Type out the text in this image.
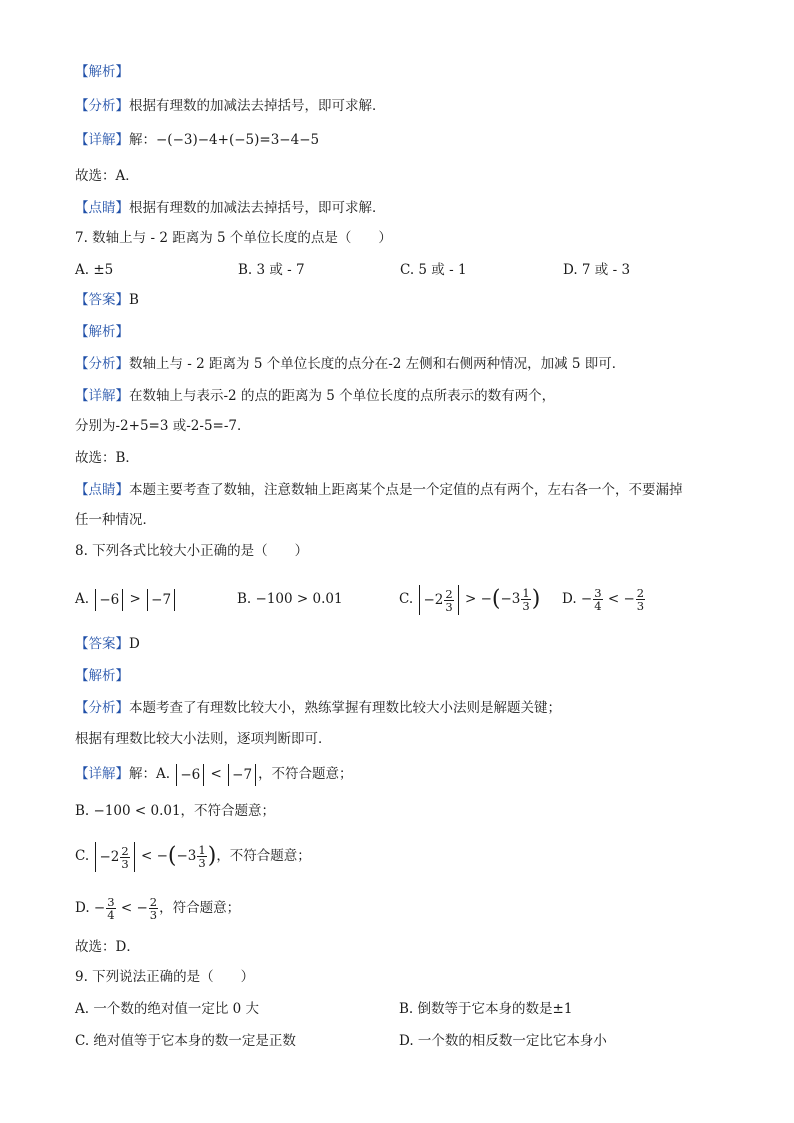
【解析】
【分析】根据有理数的加减法去掉括号，即可求解．
【详解】解：−(−3)−4+(−5)=3−4−5
故选：A．
【点睛】根据有理数的加减法去掉括号，即可求解．
7. 数轴上与 - 2 距离为 5 个单位长度的点是（　　）
A. ±5	B. 3 或 - 7	C. 5 或 - 1	D. 7 或 - 3
【答案】B
【解析】
【分析】数轴上与 - 2 距离为 5 个单位长度的点分在-2 左侧和右侧两种情况，加减 5 即可．
【详解】在数轴上与表示-2 的点的距离为 5 个单位长度的点所表示的数有两个，
分别为-2+5=3 或-2-5=-7．
故选：B．
【点睛】本题主要考查了数轴，注意数轴上距离某个点是一个定值的点有两个，左右各一个，不要漏掉
任一种情况．
8. 下列各式比较大小正确的是（　　）
A. −6 > −7	B. −100 > 0.01	C. $-2 \frac{2}{3} > -(-3 \frac{1}{3}$ ) D. − $\frac{3}{4}$ < − $\frac{2}{3}$
【答案】D
【解析】
【分析】本题考查了有理数比较大小，熟练掌握有理数比较大小法则是解题关键；
根据有理数比较大小法则，逐项判断即可．
【详解】解：A. −6 < −7 ，不符合题意；
B. −100 < 0.01，不符合题意；
C. $-2 \frac{2}{3} < -(-3 \frac{1}{3}$ )，不符合题意；
D. − $\frac{3}{4}$ < − $\frac{2}{3}$ ，符合题意；
故选：D．
9. 下列说法正确的是（　　）
A. 一个数的绝对值一定比 0 大	B. 倒数等于它本身的数是±1
C. 绝对值等于它本身的数一定是正数	D. 一个数的相反数一定比它本身小
